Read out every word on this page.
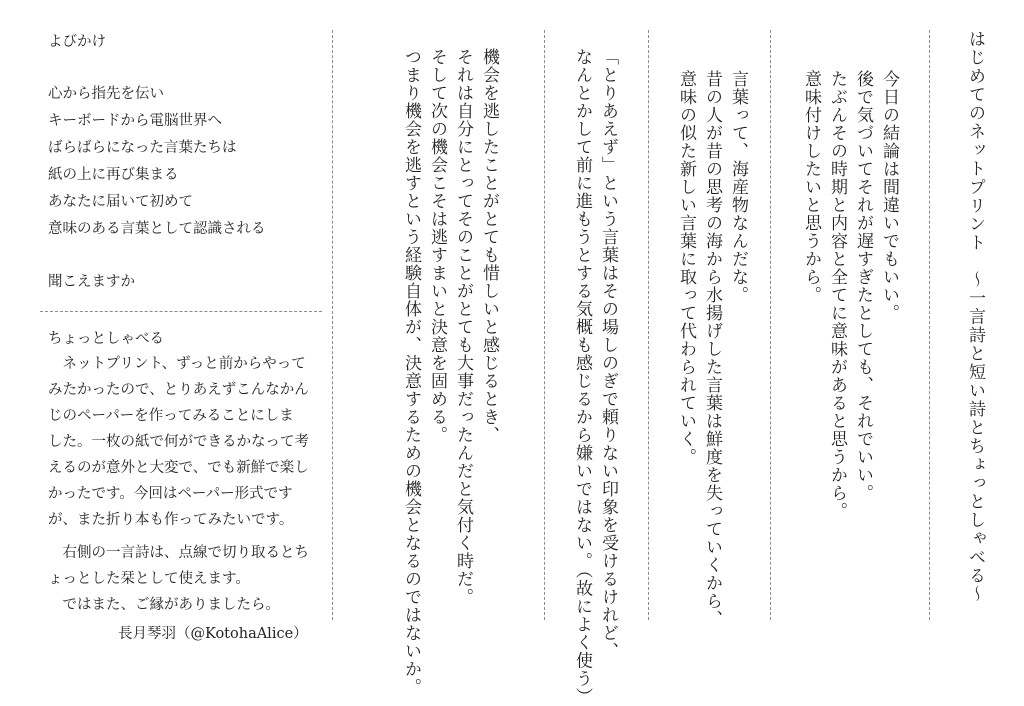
はじめてのネットプリント　～一言詩と短い詩とちょっとしゃべる～
今日の結論は間違いでもいい。
後で気づいてそれが遅すぎたとしても、それでいい。
たぶんその時期と内容と全てに意味があると思うから。
意味付けしたいと思うから。
言葉って、海産物なんだな。
昔の人が昔の思考の海から水揚げした言葉は鮮度を失っていくから、
意味の似た新しい言葉に取って代わられていく。
「とりあえず」という言葉はその場しのぎで頼りない印象を受けるけれど、
なんとかして前に進もうとする気概も感じるから嫌いではない。（故によく使う）
機会を逃したことがとても惜しいと感じるとき、
それは自分にとってそのことがとても大事だったんだと気付く時だ。
そして次の機会こそは逃すまいと決意を固める。
つまり機会を逃すという経験自体が、決意するための機会となるのではないか。

よびかけ

心から指先を伝い

キーボードから電脳世界へ

ばらばらになった言葉たちは

紙の上に再び集まる

あなたに届いて初めて

意味のある言葉として認識される

聞こえますか

ちょっとしゃべる

　ネットプリント、ずっと前からやって

みたかったので、とりあえずこんなかん

じのペーパーを作ってみることにしま

した。一枚の紙で何ができるかなって考

えるのが意外と大変で、でも新鮮で楽し

かったです。今回はペーパー形式です

が、また折り本も作ってみたいです。

　右側の一言詩は、点線で切り取るとち

ょっとした栞として使えます。

　ではまた、ご縁がありましたら。

長月琴羽（@KotohaAlice）
